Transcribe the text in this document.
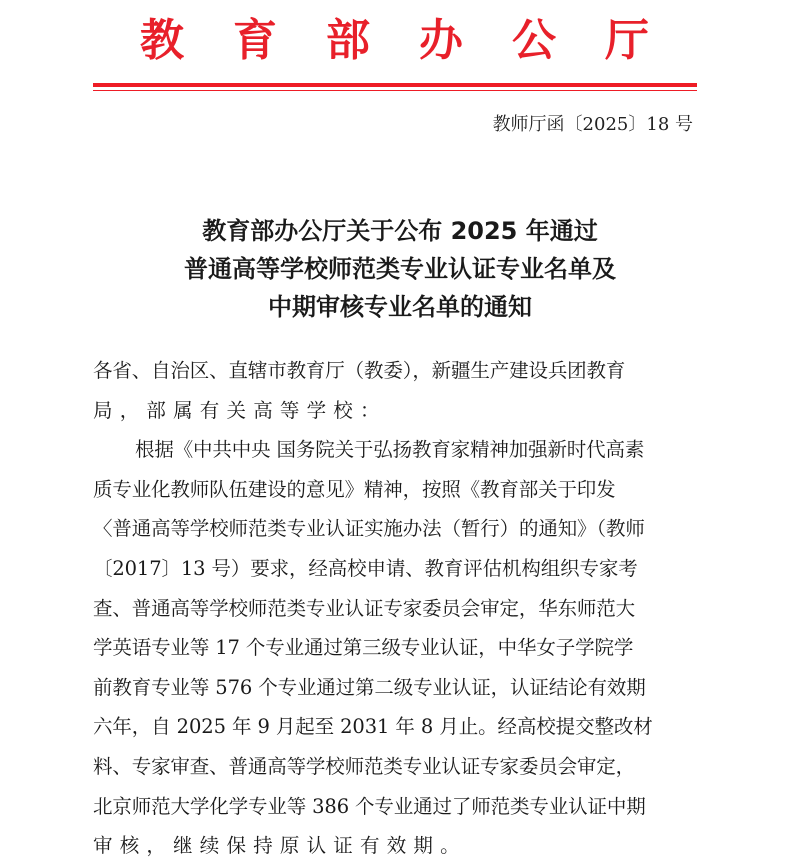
教 育 部 办 公 厅
教师厅函〔2025〕18 号
教育部办公厅关于公布 2025 年通过
普通高等学校师范类专业认证专业名单及
中期审核专业名单的通知
各省、自治区、直辖市教育厅（教委），新疆生产建设兵团教育
局，部属有关高等学校：
根据《中共中央 国务院关于弘扬教育家精神加强新时代高素
质专业化教师队伍建设的意见》精神，按照《教育部关于印发
〈普通高等学校师范类专业认证实施办法（暂行）的通知》（教师
〔2017〕13 号）要求，经高校申请、教育评估机构组织专家考
查、普通高等学校师范类专业认证专家委员会审定，华东师范大
学英语专业等 17 个专业通过第三级专业认证，中华女子学院学
前教育专业等 576 个专业通过第二级专业认证，认证结论有效期
六年，自 2025 年 9 月起至 2031 年 8 月止。经高校提交整改材
料、专家审查、普通高等学校师范类专业认证专家委员会审定，
北京师范大学化学专业等 386 个专业通过了师范类专业认证中期
审核，继续保持原认证有效期。
